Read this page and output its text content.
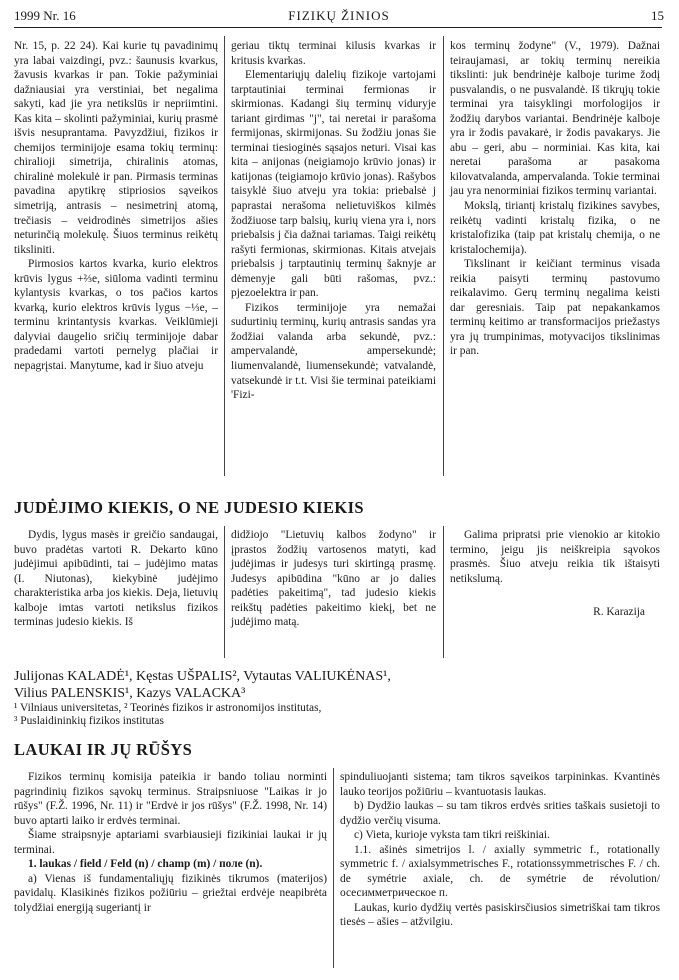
1999 Nr. 16	FIZIKŲ ŽINIOS	15

Nr. 15, p. 22 24). Kai kurie tų pavadinimų yra labai vaizdingi, pvz.: šaunusis kvarkus, žavusis kvarkas ir pan. Tokie pažyminiai dažniausiai yra verstiniai, bet negalima sakyti, kad jie yra netikslūs ir nepriimtini. Kas kita – skolinti pažyminiai, kurių prasmė išvis nesuprantama. Pavyzdžiui, fizikos ir chemijos terminijoje esama tokių terminų: chiralioji simetrija, chiralinis atomas, chiralinė molekulė ir pan. Pirmasis terminas pavadina apytikrę stipriosios sąveikos simetriją, antrasis – nesimetrinį atomą, trečiasis – veidrodinės simetrijos ašies neturinčią molekulę. Šiuos terminus reikėtų tiksliniti.

Pirmosios kartos kvarka, kurio elektros krūvis lygus +⅔e, siūloma vadinti terminu kylantysis kvarkas, o tos pačios kartos kvarką, kurio elektros krūvis lygus −⅓e, – terminu krintantysis kvarkas. Veiklūmieji dalyviai daugelio sričių terminijoje dabar pradedami vartoti pernelyg plačiai ir nepagrįstai. Manytume, kad ir šiuo atveju

geriau tiktų terminai kilusis kvarkas ir kritusis kvarkas.

Elementariųjų dalelių fizikoje vartojami tarptautiniai terminai fermionas ir skirmionas. Kadangi šių terminų viduryje tariant girdimas "j", tai neretai ir parašoma fermijonas, skirmijonas. Su žodžiu jonas šie terminai tiesioginės sąsajos neturi. Visai kas kita – anijonas (neigiamojo krūvio jonas) ir katijonas (teigiamojo krūvio jonas). Rašybos taisyklė šiuo atveju yra tokia: priebalsė j paprastai nerašoma nelietuviškos kilmės žodžiuose tarp balsių, kurių viena yra i, nors priebalsis j čia dažnai tariamas. Taigi reikėtų rašyti fermionas, skirmionas. Kitais atvejais priebalsis j tarptautinių terminų šaknyje ar dėmenyje gali būti rašomas, pvz.: pjezoelektra ir pan.

Fizikos terminijoje yra nemažai sudurtinių terminų, kurių antrasis sandas yra žodžiai valanda arba sekundė, pvz.: ampervalandė, ampersekundė; liumenvalandė, liumensekundė; vatvalandė, vatsekundė ir t.t. Visi šie terminai pateikiami 'Fizi-

kos terminų žodyne" (V., 1979). Dažnai teiraujamasi, ar tokių terminų nereikia tikslinti: juk bendrinėje kalboje turime žodį pusvalandis, o ne pusvalandė. Iš tikrųjų tokie terminai yra taisyklingi morfologijos ir žodžių darybos variantai. Bendrinėje kalboje yra ir žodis pavakarė, ir žodis pavakarys. Jie abu – geri, abu – norminiai. Kas kita, kai neretai parašoma ar pasakoma kilovatvalanda, ampervalanda. Tokie terminai jau yra nenorminiai fizikos terminų variantai.

Mokslą, tiriantį kristalų fizikines savybes, reikėtų vadinti kristalų fizika, o ne kristalofizika (taip pat kristalų chemija, o ne kristalochemija).

Tikslinant ir keičiant terminus visada reikia paisyti terminų pastovumo reikalavimo. Gerų terminų negalima keisti dar geresniais. Taip pat nepakankamos terminų keitimo ar transformacijos priežastys yra jų trumpinimas, motyvacijos tikslinimas ir pan.

JUDĖJIMO KIEKIS, O NE JUDESIO KIEKIS

Dydis, lygus masės ir greičio sandaugai, buvo pradėtas vartoti R. Dekarto kūno judėjimui apibūdinti, tai – judėjimo matas (I. Niutonas), kiekybinė judėjimo charakteristika arba jos kiekis. Deja, lietuvių kalboje imtas vartoti netikslus fizikos terminas judesio kiekis. Iš

didžiojo "Lietuvių kalbos žodyno" ir įprastos žodžių vartosenos matyti, kad judėjimas ir judesys turi skirtingą prasmę. Judesys apibūdina "kūno ar jo dalies padėties pakeitimą", tad judesio kiekis reikštų padėties pakeitimo kiekį, bet ne judėjimo matą.

Galima pripratsi prie vienokio ar kitokio termino, jeigu jis neiškreipia sąvokos prasmės. Šiuo atveju reikia tik ištaisyti netikslumą.

R. Karazija
Julijonas KALADĖ¹, Kęstas UŠPALIS², Vytautas VALIUKĖNAS¹,
Vilius PALENSKIS¹, Kazys VALACKA³
¹ Vilniaus universitetas, ² Teorinės fizikos ir astronomijos institutas,
³ Puslaidininkių fizikos institutas
LAUKAI IR JŲ RŪŠYS

Fizikos terminų komisija pateikia ir bando toliau norminti pagrindinių fizikos sąvokų terminus. Straipsniuose "Laikas ir jo rūšys" (F.Ž. 1996, Nr. 11) ir "Erdvė ir jos rūšys" (F.Ž. 1998, Nr. 14) buvo aptarti laiko ir erdvės terminai.

Šiame straipsnyje aptariami svarbiausieji fizikiniai laukai ir jų terminai.

1. laukas / field / Feld (n) / champ (m) / поле (n).

a) Vienas iš fundamentaliųjų fizikinės tikrumos (materijos) pavidalų. Klasikinės fizikos požiūriu – griežtai erdvėje neapibrėta tolydžiai energiją sugeriantį ir

spinduliuojanti sistema; tam tikros sąveikos tarpininkas. Kvantinės lauko teorijos požiūriu – kvantuotasis laukas.

b) Dydžio laukas – su tam tikros erdvės srities taškais susietoji to dydžio verčių visuma.

c) Vieta, kurioje vyksta tam tikri reiškiniai.

1.1. ašinės simetrijos l. / axially symmetric f., rotationally symmetric f. / axialsymmetrisches F., rotationssymmetrisches F. / ch. de symétrie axiale, ch. de symétrie de révolution/ осесимметрическое п.

Laukas, kurio dydžių vertės pasiskirsčiusios simetriškai tam tikros tiesės – ašies – atžvilgiu.
